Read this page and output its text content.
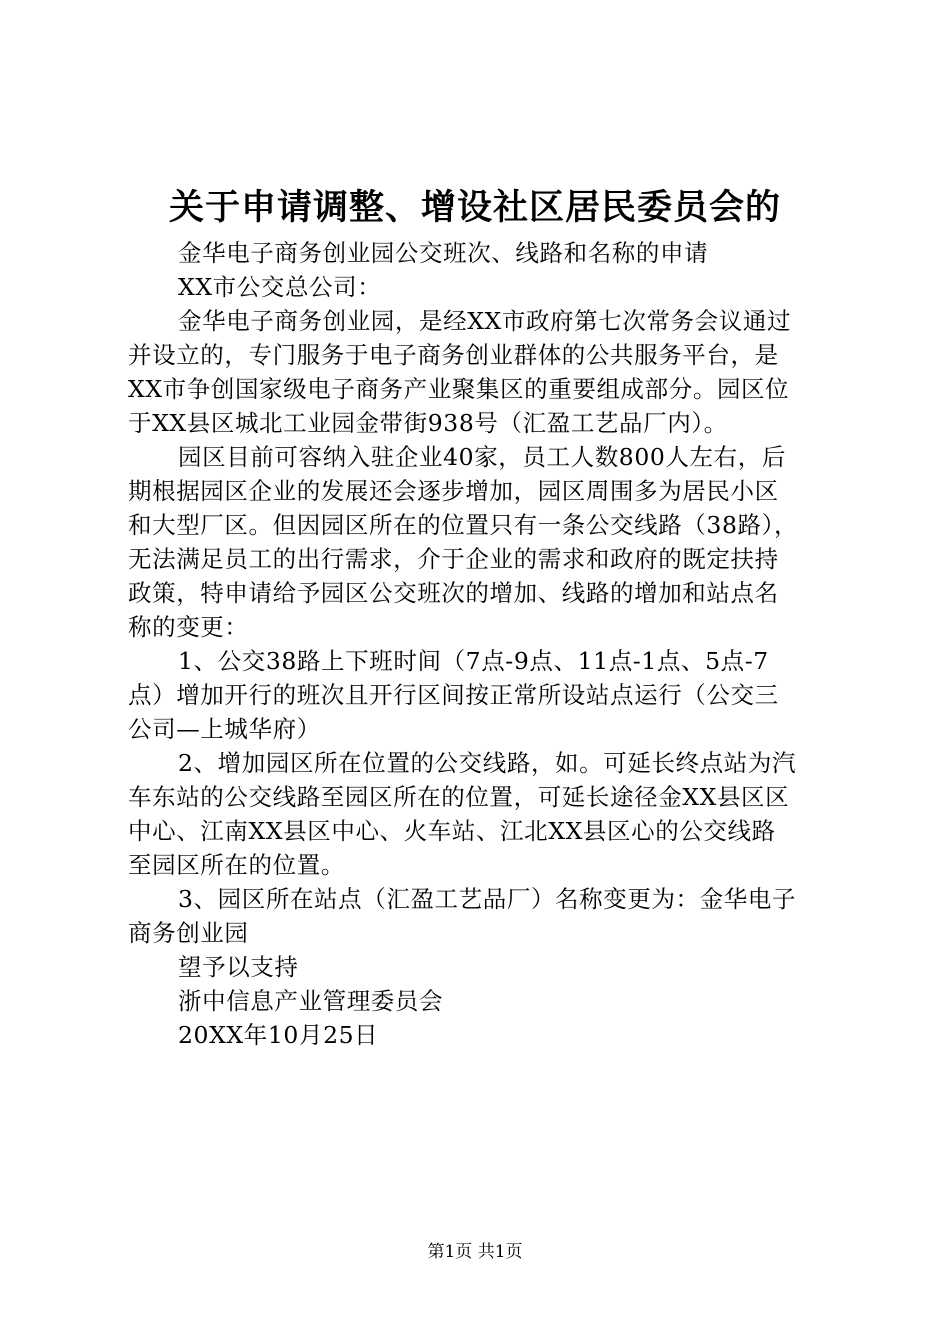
关于申请调整、增设社区居民委员会的
金华电子商务创业园公交班次、线路和名称的申请
XX市公交总公司：
金华电子商务创业园，是经XX市政府第七次常务会议通过
并设立的，专门服务于电子商务创业群体的公共服务平台，是
XX市争创国家级电子商务产业聚集区的重要组成部分。园区位
于XX县区城北工业园金带街938号（汇盈工艺品厂内）。
园区目前可容纳入驻企业40家，员工人数800人左右，后
期根据园区企业的发展还会逐步增加，园区周围多为居民小区
和大型厂区。但因园区所在的位置只有一条公交线路（38路），
无法满足员工的出行需求，介于企业的需求和政府的既定扶持
政策，特申请给予园区公交班次的增加、线路的增加和站点名
称的变更：
1、公交38路上下班时间（7点-9点、11点-1点、5点-7
点）增加开行的班次且开行区间按正常所设站点运行（公交三
公司—上城华府）
2、增加园区所在位置的公交线路，如。可延长终点站为汽
车东站的公交线路至园区所在的位置，可延长途径金XX县区区
中心、江南XX县区中心、火车站、江北XX县区心的公交线路
至园区所在的位置。
3、园区所在站点（汇盈工艺品厂）名称变更为：金华电子
商务创业园
望予以支持
浙中信息产业管理委员会
20XX年10月25日
第1页 共1页
